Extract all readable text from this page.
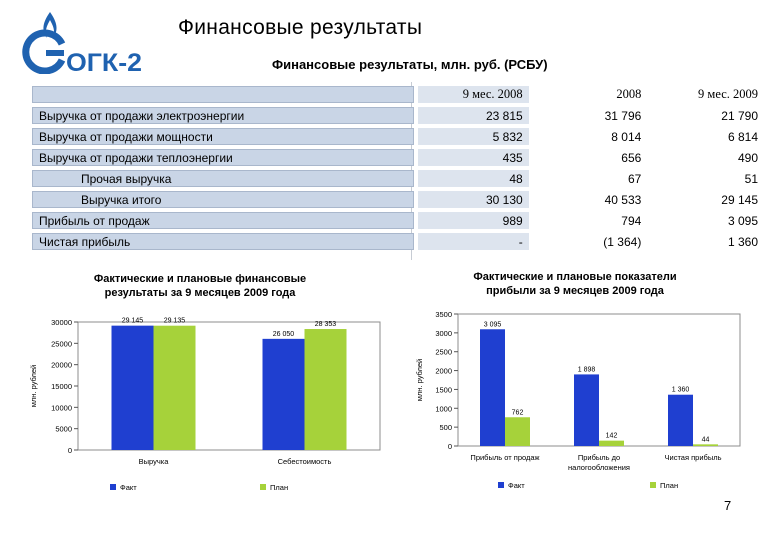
ОГК-2
Финансовые результаты
Финансовые результаты, млн. руб. (РСБУ)
		9 мес. 2008	2008	9 мес. 2009
Выручка от продажи электроэнергии		23 815	31 796	21 790
Выручка от продажи мощности		5 832	8 014	6 814
Выручка от продажи теплоэнергии		435	656	490
Прочая выручка		48	67	51
Выручка итого		30 130	40 533	29 145
Прибыль от продаж		989	794	3 095
Чистая прибыль		-	(1 364)	1 360
Фактические и плановые финансовые результаты за 9 месяцев 2009 года
0
5000
10000
15000
20000
25000
30000
млн. рублей
29 145	29 135
Выручка
26 050
28 353
Себестоимость
Факт	План
Фактические и плановые показатели прибыли за 9 месяцев 2009 года
0
500
1000
1500
2000
2500
3000
3500
млн. рублей
3 095
762
Прибыль от продаж
1 898
142
Прибыль до
налогообложения
1 360
44
Чистая прибыль
Факт	План
7
